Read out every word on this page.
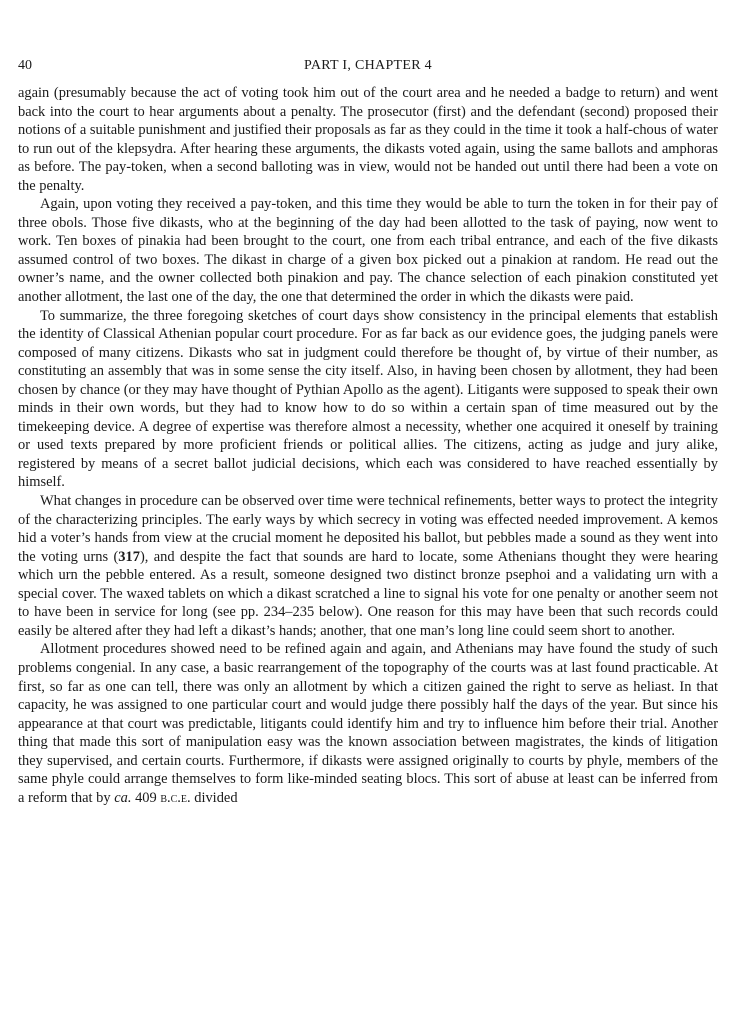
40	PART I, CHAPTER 4

again (presumably because the act of voting took him out of the court area and he needed a badge to return) and went back into the court to hear arguments about a penalty. The prosecutor (first) and the defendant (second) proposed their notions of a suitable punishment and justified their proposals as far as they could in the time it took a half-chous of water to run out of the klepsydra. After hearing these arguments, the dikasts voted again, using the same ballots and amphoras as before. The pay-token, when a second balloting was in view, would not be handed out until there had been a vote on the penalty.

Again, upon voting they received a pay-token, and this time they would be able to turn the token in for their pay of three obols. Those five dikasts, who at the beginning of the day had been allotted to the task of paying, now went to work. Ten boxes of pinakia had been brought to the court, one from each tribal entrance, and each of the five dikasts assumed control of two boxes. The dikast in charge of a given box picked out a pinakion at random. He read out the owner’s name, and the owner collected both pinakion and pay. The chance selection of each pinakion constituted yet another allotment, the last one of the day, the one that determined the order in which the dikasts were paid.

To summarize, the three foregoing sketches of court days show consistency in the principal elements that establish the identity of Classical Athenian popular court procedure. For as far back as our evidence goes, the judging panels were composed of many citizens. Dikasts who sat in judgment could therefore be thought of, by virtue of their number, as constituting an assembly that was in some sense the city itself. Also, in having been chosen by allotment, they had been chosen by chance (or they may have thought of Pythian Apollo as the agent). Litigants were supposed to speak their own minds in their own words, but they had to know how to do so within a certain span of time measured out by the timekeeping device. A degree of expertise was therefore almost a necessity, whether one acquired it oneself by training or used texts prepared by more proficient friends or political allies. The citizens, acting as judge and jury alike, registered by means of a secret ballot judicial decisions, which each was considered to have reached essentially by himself.

What changes in procedure can be observed over time were technical refinements, better ways to protect the integrity of the characterizing principles. The early ways by which secrecy in voting was effected needed improvement. A kemos hid a voter’s hands from view at the crucial moment he deposited his ballot, but pebbles made a sound as they went into the voting urns (317), and despite the fact that sounds are hard to locate, some Athenians thought they were hearing which urn the pebble entered. As a result, someone designed two distinct bronze psephoi and a validating urn with a special cover. The waxed tablets on which a dikast scratched a line to signal his vote for one penalty or another seem not to have been in service for long (see pp. 234–235 below). One reason for this may have been that such records could easily be altered after they had left a dikast’s hands; another, that one man’s long line could seem short to another.

Allotment procedures showed need to be refined again and again, and Athenians may have found the study of such problems congenial. In any case, a basic rearrangement of the topography of the courts was at last found practicable. At first, so far as one can tell, there was only an allotment by which a citizen gained the right to serve as heliast. In that capacity, he was assigned to one particular court and would judge there possibly half the days of the year. But since his appearance at that court was predictable, litigants could identify him and try to influence him before their trial. Another thing that made this sort of manipulation easy was the known association between magistrates, the kinds of litigation they supervised, and certain courts. Furthermore, if dikasts were assigned originally to courts by phyle, members of the same phyle could arrange themselves to form like-minded seating blocs. This sort of abuse at least can be inferred from a reform that by ca. 409 b.c.e. divided
